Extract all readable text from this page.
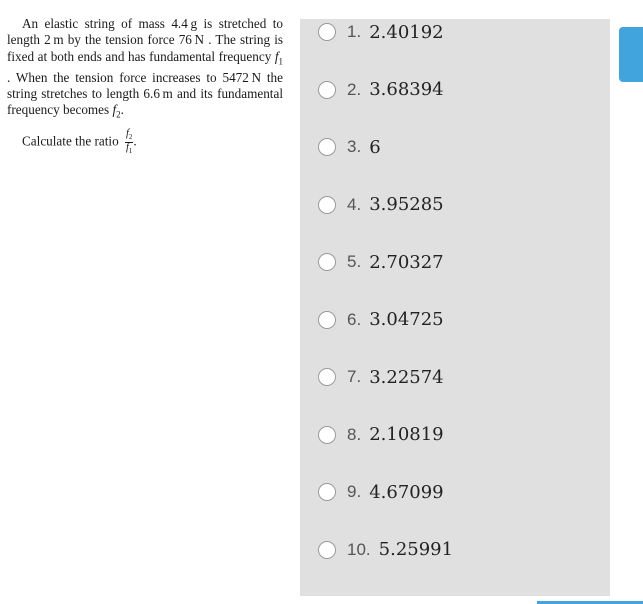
An elastic string of mass 4.4 g is stretched to length 2 m by the tension force 76 N . The string is fixed at both ends and has fundamental frequency $f_1$ . When the tension force increases to 5472 N the string stretches to length 6.6 m and its fundamental frequency becomes $f_2$.

Calculate the ratio $\frac{f_2}{f_1}$ .
1. 2.40192
2. 3.68394
3. 6
4. 3.95285
5. 2.70327
6. 3.04725
7. 3.22574
8. 2.10819
9. 4.67099
10. 5.25991
